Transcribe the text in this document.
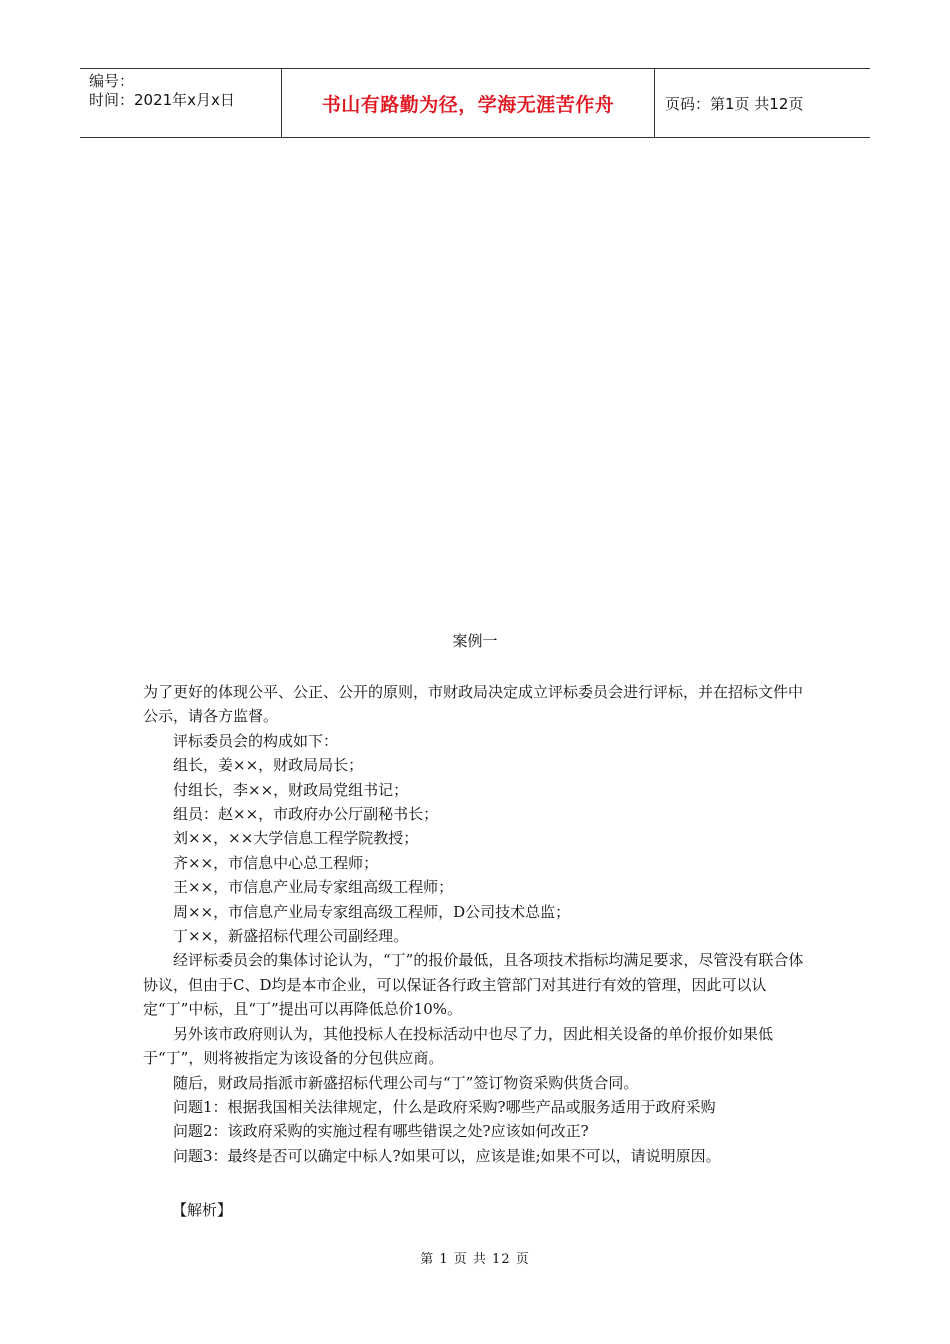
编号：
时间：2021年x月x日	书山有路勤为径，学海无涯苦作舟	页码：第1页 共12页
案例一

为了更好的体现公平、公正、公开的原则，市财政局决定成立评标委员会进行评标，并在招标文件中公示，请各方监督。

评标委员会的构成如下：

组长，姜××，财政局局长；

付组长，李××，财政局党组书记；

组员：赵××，市政府办公厅副秘书长；

刘××，××大学信息工程学院教授；

齐××，市信息中心总工程师；

王××，市信息产业局专家组高级工程师；

周××，市信息产业局专家组高级工程师，D公司技术总监；

丁××，新盛招标代理公司副经理。

经评标委员会的集体讨论认为，“丁”的报价最低，且各项技术指标均满足要求，尽管没有联合体协议，但由于C、D均是本市企业，可以保证各行政主管部门对其进行有效的管理，因此可以认定“丁”中标，且“丁”提出可以再降低总价10%。

另外该市政府则认为，其他投标人在投标活动中也尽了力，因此相关设备的单价报价如果低于“丁”，则将被指定为该设备的分包供应商。

随后，财政局指派市新盛招标代理公司与“丁”签订物资采购供货合同。

问题1：根据我国相关法律规定，什么是政府采购?哪些产品或服务适用于政府采购

问题2：该政府采购的实施过程有哪些错误之处?应该如何改正?

问题3：最终是否可以确定中标人?如果可以，应该是谁;如果不可以，请说明原因。

【解析】
第 1 页 共 12 页
